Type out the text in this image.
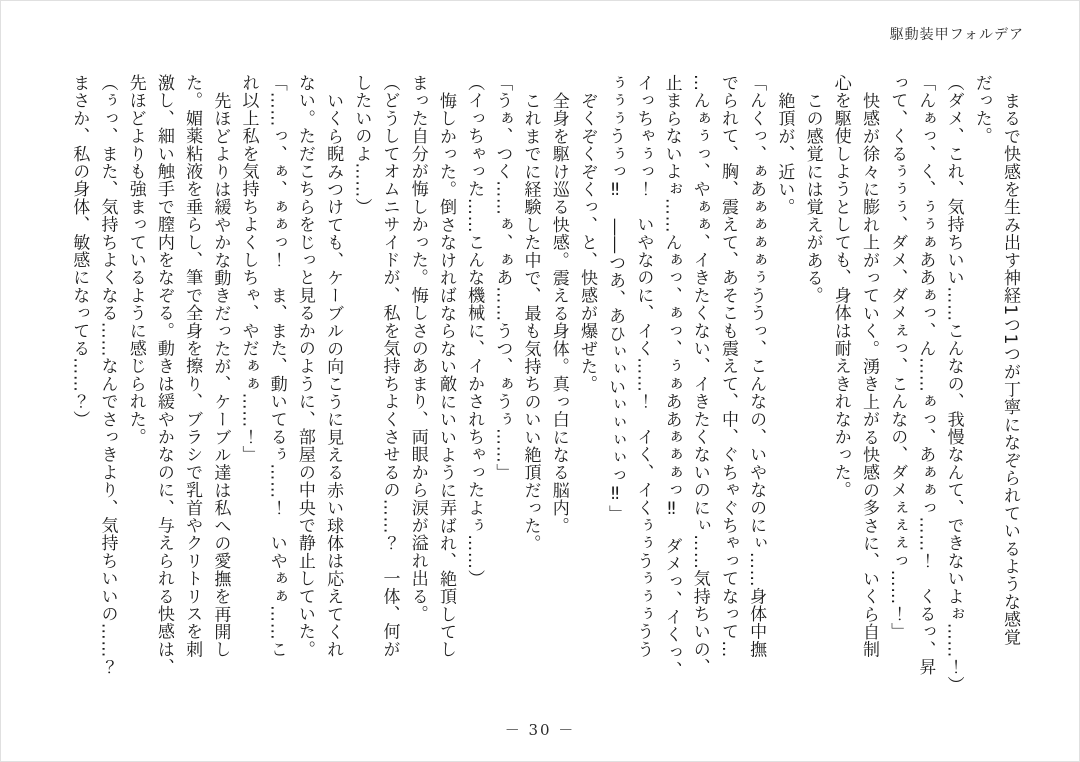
駆動装甲フォルデア
まるで快感を生み出す神経1つ1つが丁寧になぞられているような感覚
だった。
（ダメ、これ、気持ちいい……こんなの、我慢なんて、できないよぉ……！）
「んぁっ、く、ぅぅぁああぁっ、ん……ぁっ、あぁぁっ……！　くるっ、昇
って、くるぅぅぅ、ダメ、ダメぇっ、こんなの、ダメぇぇぇっ……！」
快感が徐々に膨れ上がっていく。湧き上がる快感の多さに、いくら自制
心を駆使しようとしても、身体は耐えきれなかった。
この感覚には覚えがある。
絶頂が、近い。
「んくっ、ぁあぁぁぁぁぅううっ、こんなの、いやなのにぃ……身体中撫
でられて、胸、震えて、あそこも震えて、中、ぐちゃぐちゃってなって…
…んぁぅっ、やぁぁ、イきたくない、イきたくないのにぃ……気持ちいの、
止まらないよぉ……んぁっ、ぁっ、ぅぁああぁぁぁっ‼　ダメっ、イくっ、
イっちゃぅっ！　いやなのに、イく……！　イく、イくぅぅうぅぅぅうう
ぅぅぅうぅっ‼　――つあ、あひぃぃいぃぃぃぃっ‼」
ぞくぞくぞくっ、と、快感が爆ぜた。
全身を駆け巡る快感。震える身体。真っ白になる脳内。
これまでに経験した中で、最も気持ちのいい絶頂だった。
「うぁ、つく……ぁ、ぁあ……うつ、ぁうぅ……」
（イっちゃった……こんな機械に、イかされちゃったよぅ……）
悔しかった。倒さなければならない敵にいいように弄ばれ、絶頂してし
まった自分が悔しかった。悔しさのあまり、両眼から涙が溢れ出る。
（どうしてオムニサイドが、私を気持ちよくさせるの……？　一体、何が
したいのよ……）
いくら睨みつけても、ケーブルの向こうに見える赤い球体は応えてくれ
ない。ただこちらをじっと見るかのように、部屋の中央で静止していた。
「……っ、ぁ、ぁぁっ！　ま、また、動いてるぅ……！　いやぁぁ……こ
れ以上私を気持ちよくしちゃ、やだぁぁ……！」
先ほどよりは緩やかな動きだったが、ケーブル達は私への愛撫を再開し
た。媚薬粘液を垂らし、筆で全身を擦り、ブラシで乳首やクリトリスを刺
激し、細い触手で膣内をなぞる。動きは緩やかなのに、与えられる快感は、
先ほどよりも強まっているように感じられた。
（ぅっ、また、気持ちよくなる……なんでさっきより、気持ちいいの……？
まさか、私の身体、敏感になってる……？）
－ 30 －
